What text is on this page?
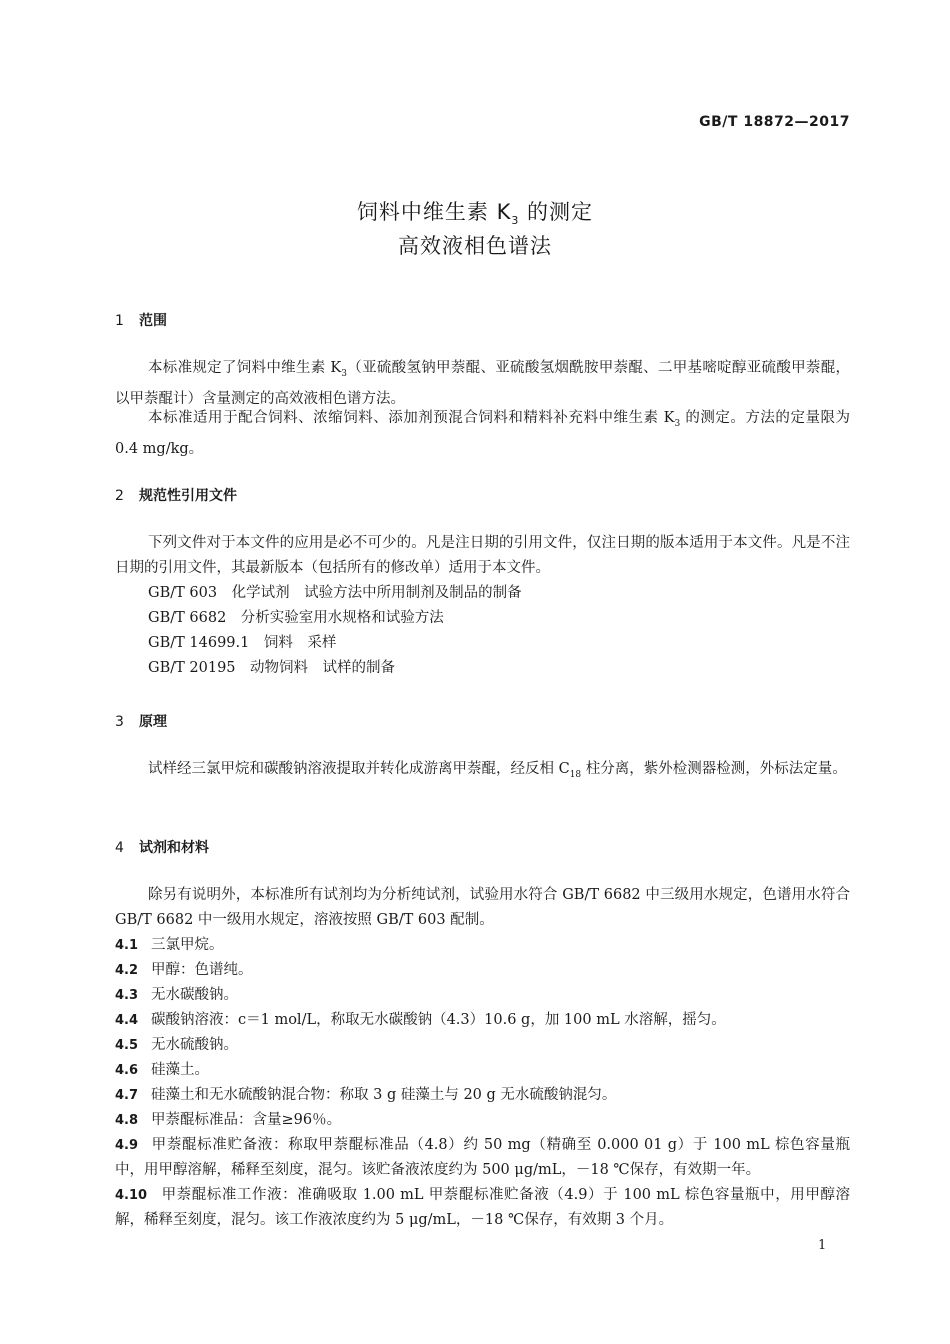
GB/T 18872—2017
饲料中维生素 $K_3$ 的测定
高效液相色谱法
1 范围

本标准规定了饲料中维生素 $K_3$（亚硫酸氢钠甲萘醌、亚硫酸氢烟酰胺甲萘醌、二甲基嘧啶醇亚硫酸甲萘醌，以甲萘醌计）含量测定的高效液相色谱方法。

本标准适用于配合饲料、浓缩饲料、添加剂预混合饲料和精料补充料中维生素 $K_3$ 的测定。方法的定量限为 0.4 mg/kg。

2 规范性引用文件

下列文件对于本文件的应用是必不可少的。凡是注日期的引用文件，仅注日期的版本适用于本文件。凡是不注日期的引用文件，其最新版本（包括所有的修改单）适用于本文件。

GB/T 603　化学试剂　试验方法中所用制剂及制品的制备
GB/T 6682　分析实验室用水规格和试验方法
GB/T 14699.1　饲料　采样
GB/T 20195　动物饲料　试样的制备
3 原理

试样经三氯甲烷和碳酸钠溶液提取并转化成游离甲萘醌，经反相 $C_{18}$ 柱分离，紫外检测器检测，外标法定量。

4 试剂和材料

除另有说明外，本标准所有试剂均为分析纯试剂，试验用水符合 GB/T 6682 中三级用水规定，色谱用水符合 GB/T 6682 中一级用水规定，溶液按照 GB/T 603 配制。

4.1 三氯甲烷。

4.2 甲醇：色谱纯。

4.3 无水碳酸钠。

4.4 碳酸钠溶液：c＝1 mol/L，称取无水碳酸钠（4.3）10.6 g，加 100 mL 水溶解，摇匀。

4.5 无水硫酸钠。

4.6 硅藻土。

4.7 硅藻土和无水硫酸钠混合物：称取 3 g 硅藻土与 20 g 无水硫酸钠混匀。

4.8 甲萘醌标准品：含量≥96％。

4.9 甲萘醌标准贮备液：称取甲萘醌标准品（4.8）约 50 mg（精确至 0.000 01 g）于 100 mL 棕色容量瓶中，用甲醇溶解，稀释至刻度，混匀。该贮备液浓度约为 500 μg/mL，－18 ℃保存，有效期一年。

4.10 甲萘醌标准工作液：准确吸取 1.00 mL 甲萘醌标准贮备液（4.9）于 100 mL 棕色容量瓶中，用甲醇溶解，稀释至刻度，混匀。该工作液浓度约为 5 μg/mL，－18 ℃保存，有效期 3 个月。

1
